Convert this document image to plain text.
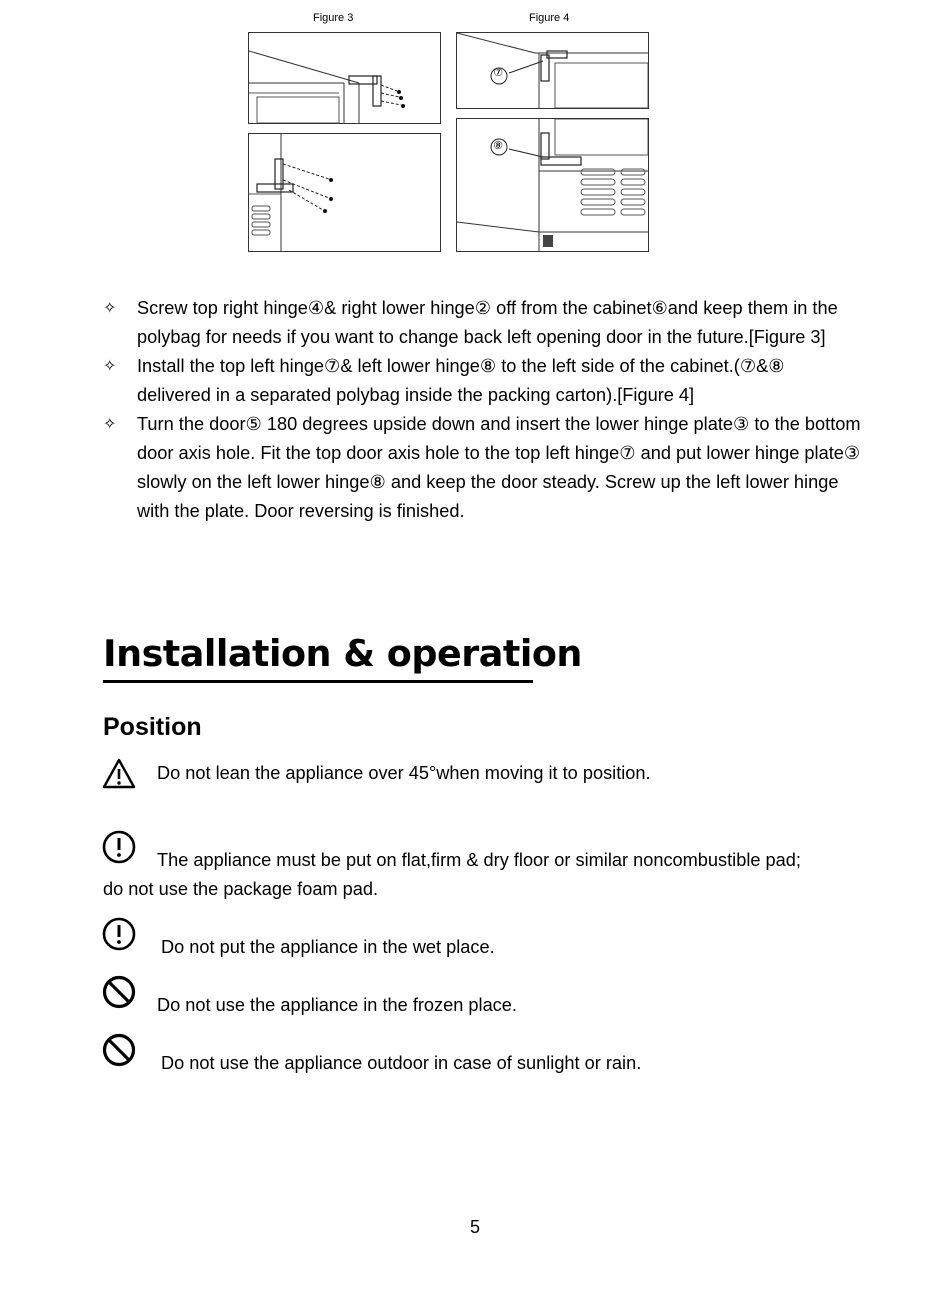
Figure 3	Figure 4
⑦
⑧

✧	Screw top right hinge④& right lower hinge② off from the cabinet⑥and keep them in the polybag for needs if you want to change back left opening door in the future.[Figure 3]

✧	Install the top left hinge⑦& left lower hinge⑧ to the left side of the cabinet.(⑦&⑧ delivered in a separated polybag inside the packing carton).[Figure 4]

✧	Turn the door⑤ 180 degrees upside down and insert the lower hinge plate③ to the bottom door axis hole. Fit the top door axis hole to the top left hinge⑦ and put lower hinge plate③ slowly on the left lower hinge⑧ and keep the door steady. Screw up the left lower hinge with the plate. Door reversing is finished.

Installation & operation
Position
Do not lean the appliance over 45°when moving it to position.
The appliance must be put on flat,firm & dry floor or similar noncombustible pad;
do not use the package foam pad.
Do not put the appliance in the wet place.
Do not use the appliance in the frozen place.
Do not use the appliance outdoor in case of sunlight or rain.
5
